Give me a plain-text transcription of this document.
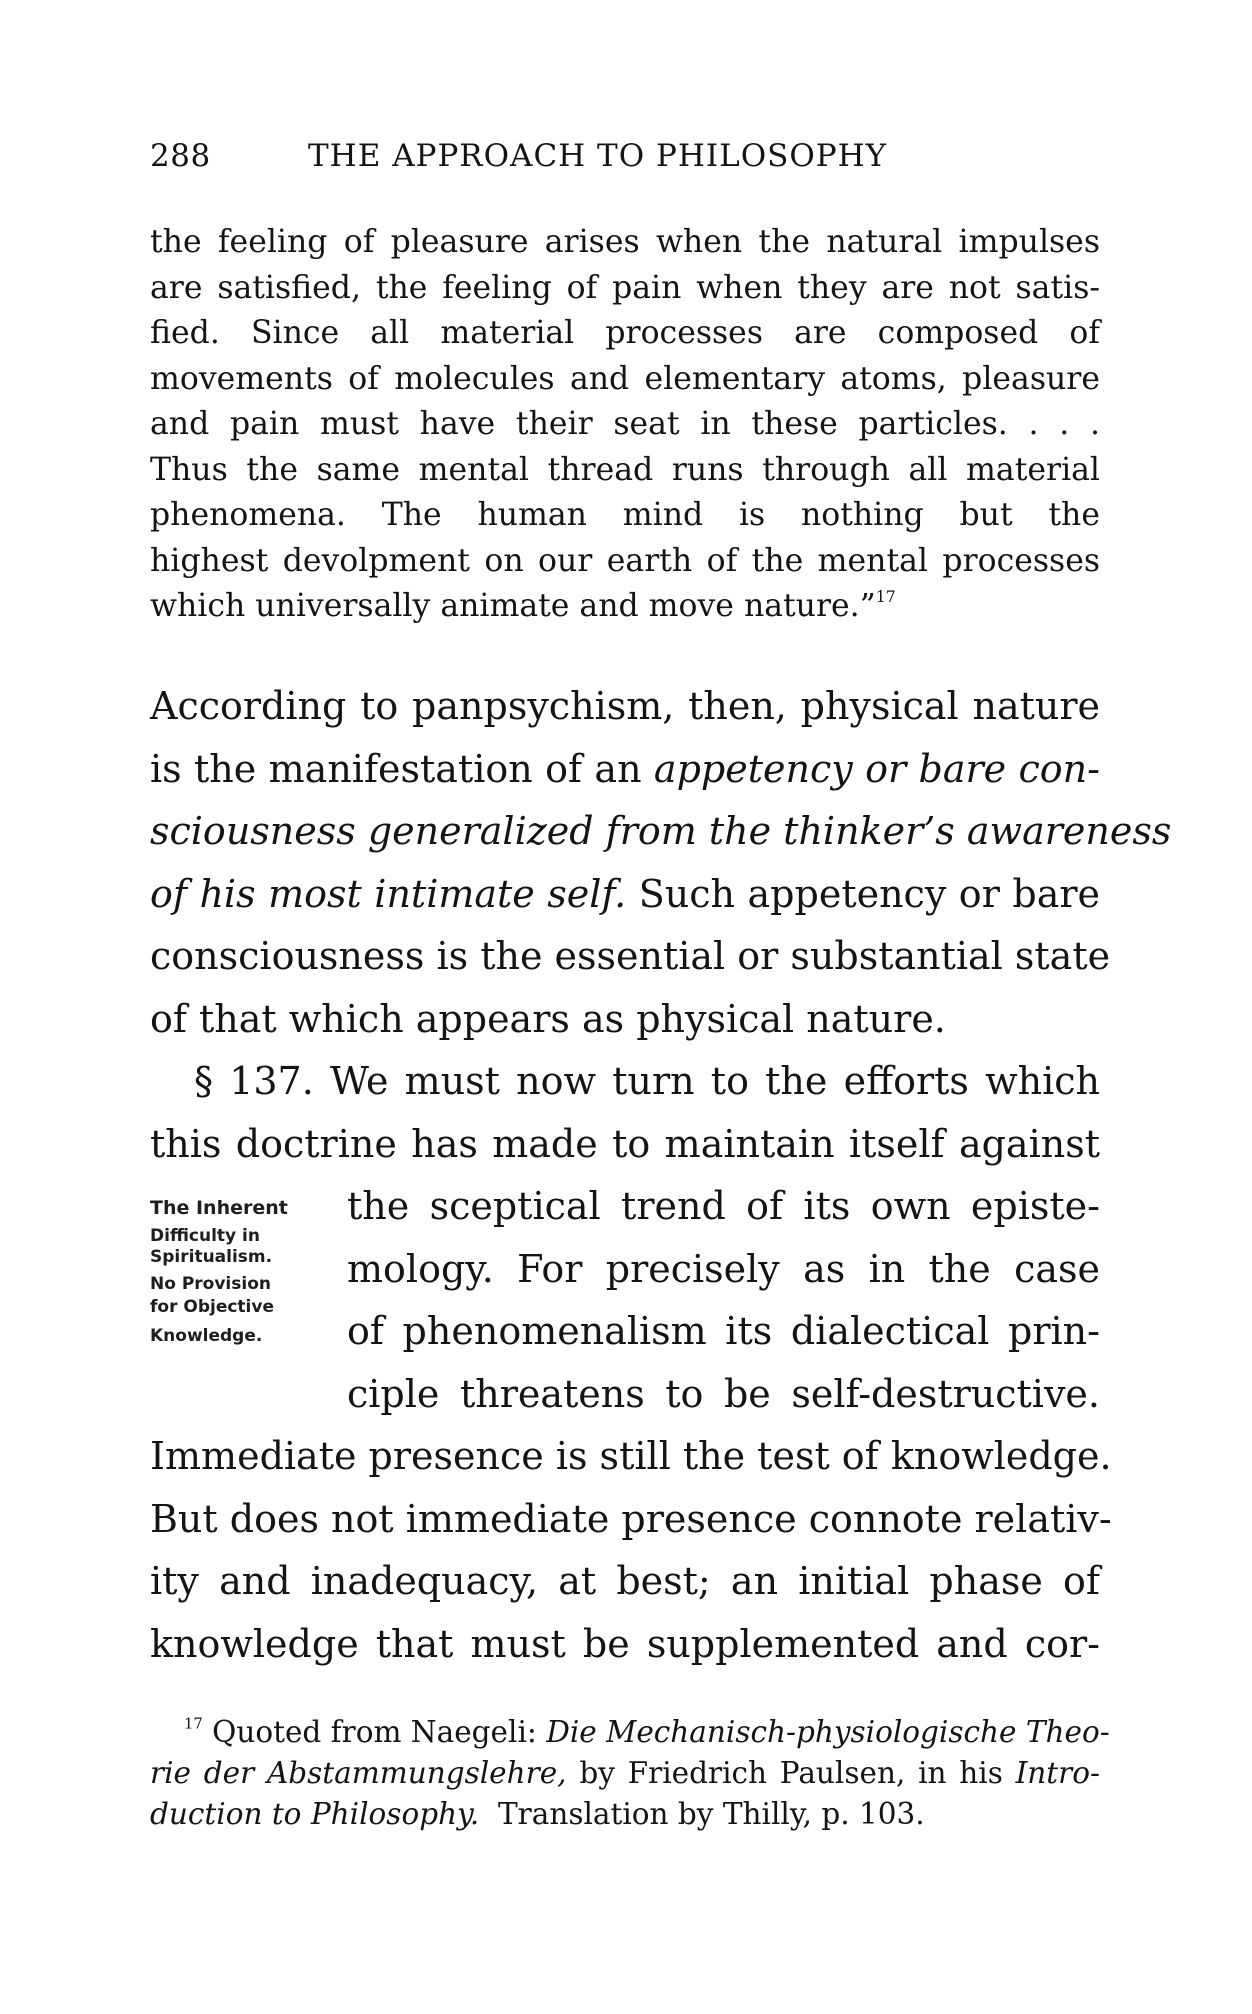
288	THE APPROACH TO PHILOSOPHY
the feeling of pleasure arises when the natural impulses
are satisfied, the feeling of pain when they are not satis-
fied. Since all material processes are composed of
movements of molecules and elementary atoms, pleasure
and pain must have their seat in these particles. . . .
Thus the same mental thread runs through all material
phenomena. The human mind is nothing but the
highest devolpment on our earth of the mental processes
which universally animate and move nature.”$^{17}$
According to panpsychism, then, physical nature
is the manifestation of an appetency or bare con-
sciousness generalized from the thinker’s awareness
of his most intimate self. Such appetency or bare
consciousness is the essential or substantial state
of that which appears as physical nature.
§ 137. We must now turn to the efforts which
this doctrine has made to maintain itself against
The Inherent
Difficulty in
Spiritualism.
No Provision
for Objective
Knowledge.
the sceptical trend of its own episte-
mology. For precisely as in the case
of phenomenalism its dialectical prin-
ciple threatens to be self-destructive.
Immediate presence is still the test of knowledge.
But does not immediate presence connote relativ-
ity and inadequacy, at best; an initial phase of
knowledge that must be supplemented and cor-
$^{17}$ Quoted from Naegeli: Die Mechanisch-physiologische Theo-
rie der Abstammungslehre, by Friedrich Paulsen, in his Intro-
duction to Philosophy.  Translation by Thilly, p. 103.
